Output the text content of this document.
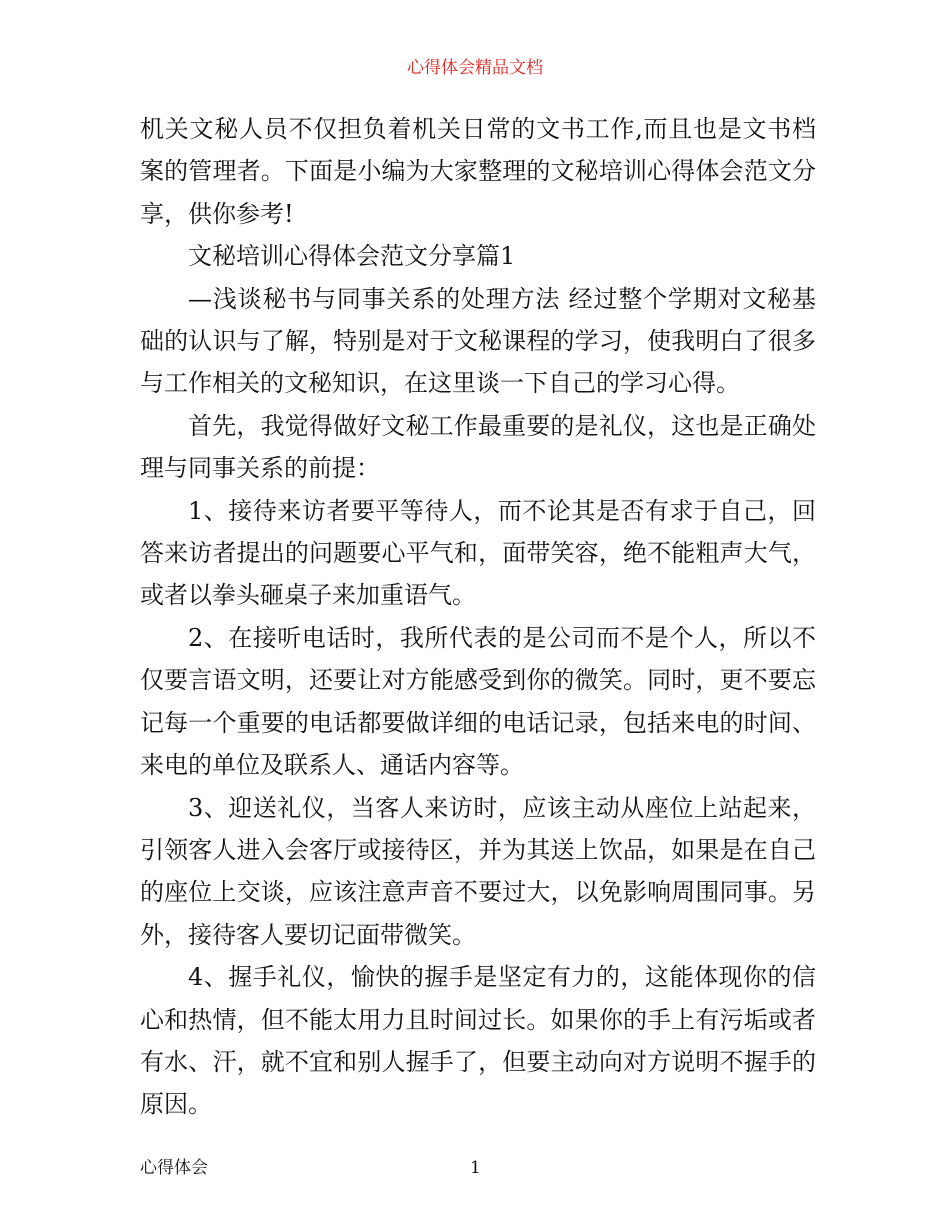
心得体会精品文档

机关文秘人员不仅担负着机关日常的文书工作,而且也是文书档案的管理者。下面是小编为大家整理的文秘培训心得体会范文分享，供你参考!

文秘培训心得体会范文分享篇1

—浅谈秘书与同事关系的处理方法 经过整个学期对文秘基础的认识与了解，特别是对于文秘课程的学习，使我明白了很多与工作相关的文秘知识，在这里谈一下自己的学习心得。

首先，我觉得做好文秘工作最重要的是礼仪，这也是正确处理与同事关系的前提：

1、接待来访者要平等待人，而不论其是否有求于自己，回答来访者提出的问题要心平气和，面带笑容，绝不能粗声大气，或者以拳头砸桌子来加重语气。

2、在接听电话时，我所代表的是公司而不是个人，所以不仅要言语文明，还要让对方能感受到你的微笑。同时，更不要忘记每一个重要的电话都要做详细的电话记录，包括来电的时间、来电的单位及联系人、通话内容等。

3、迎送礼仪，当客人来访时，应该主动从座位上站起来，引领客人进入会客厅或接待区，并为其送上饮品，如果是在自己的座位上交谈，应该注意声音不要过大，以免影响周围同事。另外，接待客人要切记面带微笑。

4、握手礼仪，愉快的握手是坚定有力的，这能体现你的信心和热情，但不能太用力且时间过长。如果你的手上有污垢或者有水、汗，就不宜和别人握手了，但要主动向对方说明不握手的原因。

心得体会	1
